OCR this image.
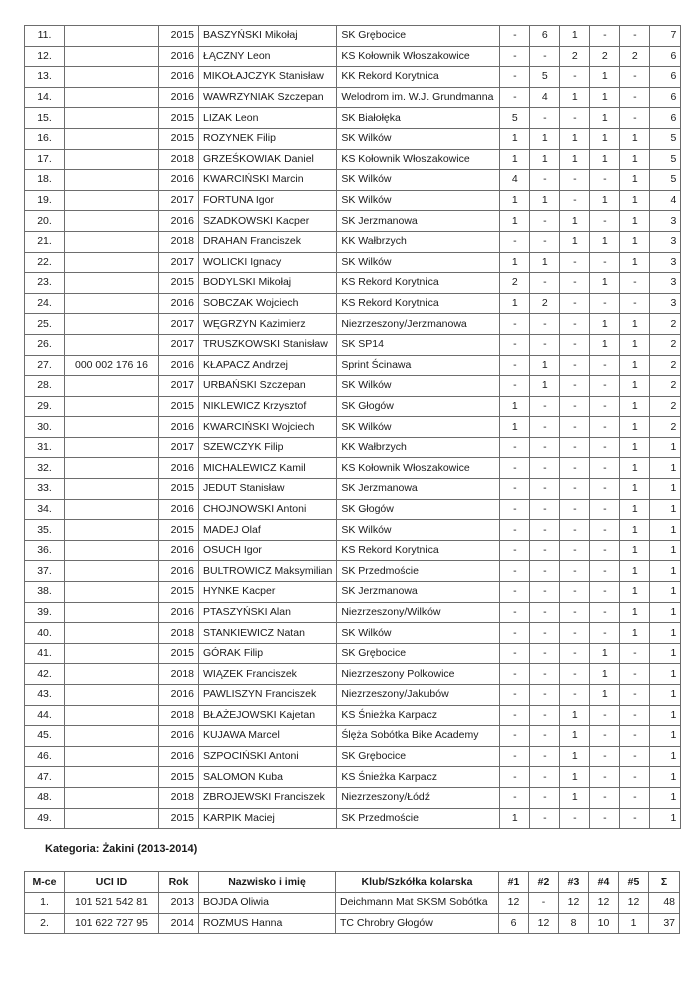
11.		2015	BASZYŃSKI Mikołaj	SK Grębocice	-	6	1	-	-	7
12.		2016	ŁĄCZNY Leon	KS Kołownik Włoszakowice	-	-	2	2	2	6
13.		2016	MIKOŁAJCZYK Stanisław	KK Rekord Korytnica	-	5	-	1	-	6
14.		2016	WAWRZYNIAK Szczepan	Welodrom im. W.J. Grundmanna	-	4	1	1	-	6
15.		2015	LIZAK Leon	SK Białołęka	5	-	-	1	-	6
16.		2015	ROZYNEK Filip	SK Wilków	1	1	1	1	1	5
17.		2018	GRZEŚKOWIAK Daniel	KS Kołownik Włoszakowice	1	1	1	1	1	5
18.		2016	KWARCIŃSKI Marcin	SK Wilków	4	-	-	-	1	5
19.		2017	FORTUNA Igor	SK Wilków	1	1	-	1	1	4
20.		2016	SZADKOWSKI Kacper	SK Jerzmanowa	1	-	1	-	1	3
21.		2018	DRAHAN Franciszek	KK Wałbrzych	-	-	1	1	1	3
22.		2017	WOLICKI Ignacy	SK Wilków	1	1	-	-	1	3
23.		2015	BODYLSKI Mikołaj	KS Rekord Korytnica	2	-	-	1	-	3
24.		2016	SOBCZAK Wojciech	KS Rekord Korytnica	1	2	-	-	-	3
25.		2017	WĘGRZYN Kazimierz	Niezrzeszony/Jerzmanowa	-	-	-	1	1	2
26.		2017	TRUSZKOWSKI Stanisław	SK SP14	-	-	-	1	1	2
27.	000 002 176 16	2016	KŁAPACZ Andrzej	Sprint Ścinawa	-	1	-	-	1	2
28.		2017	URBAŃSKI Szczepan	SK Wilków	-	1	-	-	1	2
29.		2015	NIKLEWICZ Krzysztof	SK Głogów	1	-	-	-	1	2
30.		2016	KWARCIŃSKI Wojciech	SK Wilków	1	-	-	-	1	2
31.		2017	SZEWCZYK Filip	KK Wałbrzych	-	-	-	-	1	1
32.		2016	MICHALEWICZ Kamil	KS Kołownik Włoszakowice	-	-	-	-	1	1
33.		2015	JEDUT Stanisław	SK Jerzmanowa	-	-	-	-	1	1
34.		2016	CHOJNOWSKI Antoni	SK Głogów	-	-	-	-	1	1
35.		2015	MADEJ Olaf	SK Wilków	-	-	-	-	1	1
36.		2016	OSUCH Igor	KS Rekord Korytnica	-	-	-	-	1	1
37.		2016	BULTROWICZ Maksymilian	SK Przedmoście	-	-	-	-	1	1
38.		2015	HYNKE Kacper	SK Jerzmanowa	-	-	-	-	1	1
39.		2016	PTASZYŃSKI Alan	Niezrzeszony/Wilków	-	-	-	-	1	1
40.		2018	STANKIEWICZ Natan	SK Wilków	-	-	-	-	1	1
41.		2015	GÓRAK Filip	SK Grębocice	-	-	-	1	-	1
42.		2018	WIĄZEK Franciszek	Niezrzeszony Polkowice	-	-	-	1	-	1
43.		2016	PAWLISZYN Franciszek	Niezrzeszony/Jakubów	-	-	-	1	-	1
44.		2018	BŁAŻEJOWSKI Kajetan	KS Śnieżka Karpacz	-	-	1	-	-	1
45.		2016	KUJAWA Marcel	Ślęża Sobótka Bike Academy	-	-	1	-	-	1
46.		2016	SZPOCIŃSKI Antoni	SK Grębocice	-	-	1	-	-	1
47.		2015	SALOMON Kuba	KS Śnieżka Karpacz	-	-	1	-	-	1
48.		2018	ZBROJEWSKI Franciszek	Niezrzeszony/Łódź	-	-	1	-	-	1
49.		2015	KARPIK Maciej	SK Przedmoście	1	-	-	-	-	1
Kategoria: Żakini (2013-2014)
M-ce	UCI ID	Rok	Nazwisko i imię	Klub/Szkółka kolarska	#1	#2	#3	#4	#5	Σ
1.	101 521 542 81	2013	BOJDA Oliwia	Deichmann Mat SKSM Sobótka	12	-	12	12	12	48
2.	101 622 727 95	2014	ROZMUS Hanna	TC Chrobry Głogów	6	12	8	10	1	37
